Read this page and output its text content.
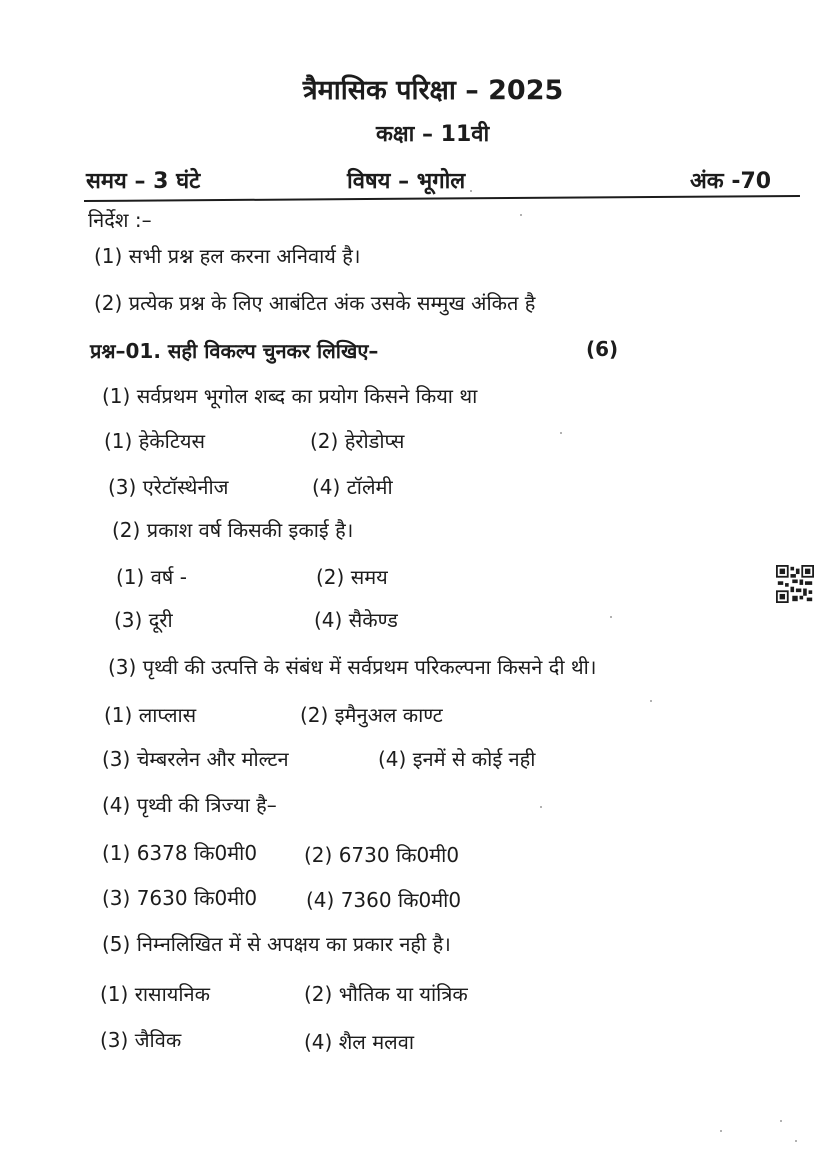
त्रैमासिक परिक्षा – 2025
कक्षा – 11वी
समय – 3 घंटे	विषय – भूगोल	अंक -70
निर्देश :–
(1) सभी प्रश्न हल करना अनिवार्य है।
(2) प्रत्येक प्रश्न के लिए आबंटित अंक उसके सम्मुख अंकित है
प्रश्न–01. सही विकल्प चुनकर लिखिए–	(6)
(1) सर्वप्रथम भूगोल शब्द का प्रयोग किसने किया था
(1) हेकेटियस	(2) हेरोडोप्स
(3) एरेटॉस्थेनीज	(4) टॉलेमी
(2) प्रकाश वर्ष किसकी इकाई है।
(1) वर्ष -	(2) समय
(3) दूरी	(4) सैकेण्ड
(3) पृथ्वी की उत्पत्ति के संबंध में सर्वप्रथम परिकल्पना किसने दी थी।
(1) लाप्लास	(2) इमैनुअल काण्ट
(3) चेम्बरलेन और मोल्टन	(4) इनमें से कोई नही
(4) पृथ्वी की त्रिज्या है–
(1) 6378 कि0मी0 (2) 6730 कि0मी0
(3) 7630 कि0मी0 (4) 7360 कि0मी0
(5) निम्नलिखित में से अपक्षय का प्रकार नही है।
(1) रासायनिक	(2) भौतिक या यांत्रिक
(3) जैविक	(4) शैल मलवा
